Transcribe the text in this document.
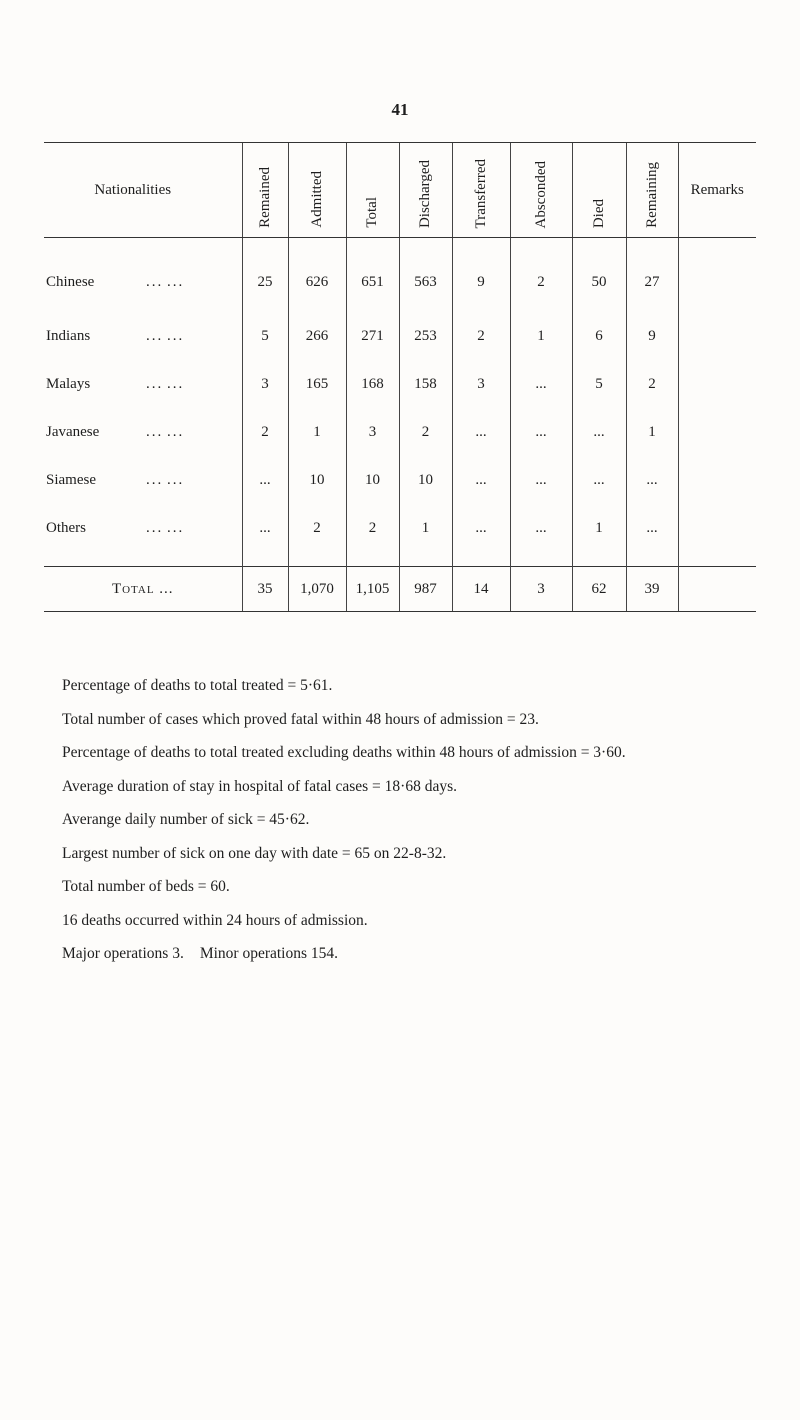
41
Nationalities	Remained	Admitted	Total	Discharged	Transferred	Absconded	Died	Remaining	Remarks
Chinese ... ...	25	626	651	563	9	2	50	27	
Indians ... ...	5	266	271	253	2	1	6	9	
Malays ... ...	3	165	168	158	3	...	5	2	
Javanese ... ...	2	1	3	2	...	...	...	1	
Siamese ... ...	...	10	10	10	...	...	...	...	
Others ... ...	...	2	2	1	...	...	1	...	

Total ...	35	1,070	1,105	987	14	3	62	39	
Percentage of deaths to total treated = 5·61.
Total number of cases which proved fatal within 48 hours of admission = 23.
Percentage of deaths to total treated excluding deaths within 48 hours of admission = 3·60.
Average duration of stay in hospital of fatal cases = 18·68 days.
Averange daily number of sick = 45·62.
Largest number of sick on one day with date = 65 on 22-8-32.
Total number of beds = 60.
16 deaths occurred within 24 hours of admission.
Major operations 3. Minor operations 154.
